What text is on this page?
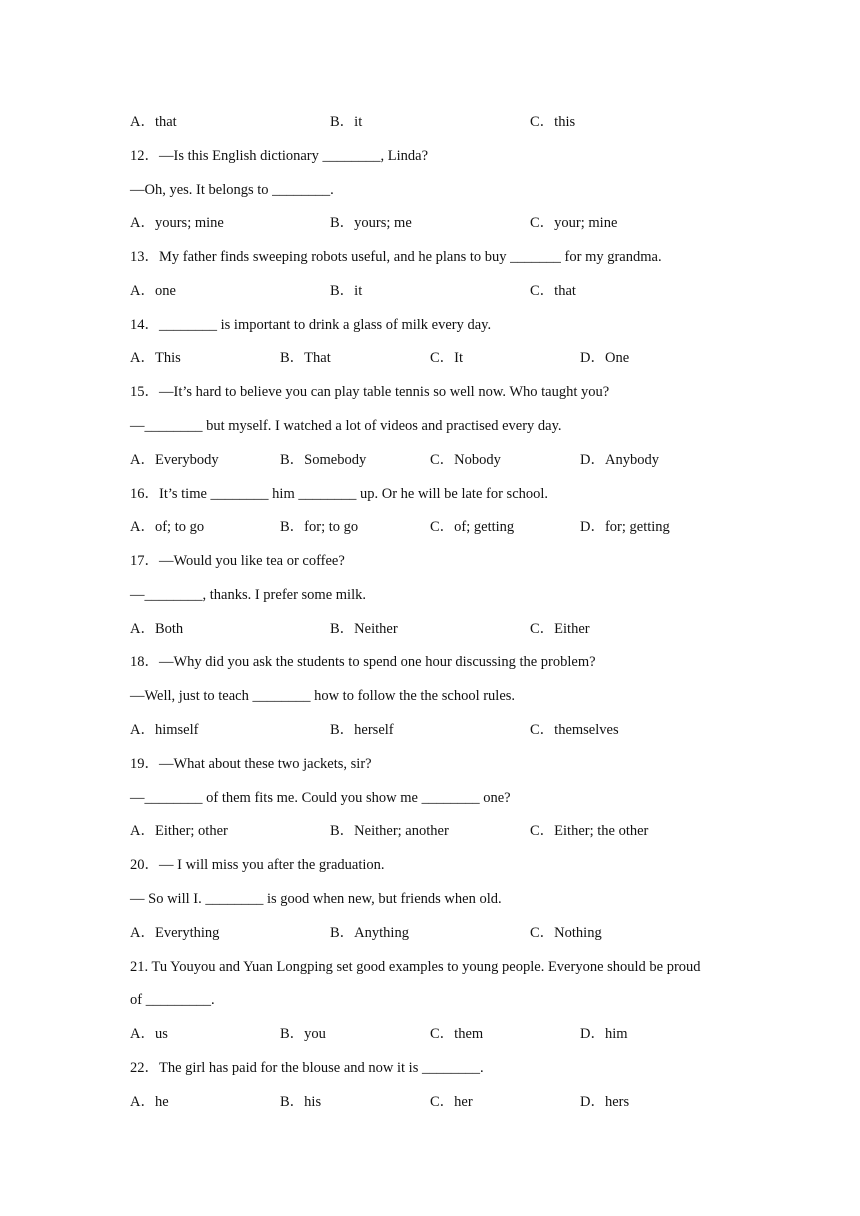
A．that	B．it	C．this
12．—Is this English dictionary ________, Linda?
—Oh, yes. It belongs to ________.
A．yours; mine	B．yours; me	C．your; mine
13．My father finds sweeping robots useful, and he plans to buy _______ for my grandma.
A．one	B．it	C．that
14．________ is important to drink a glass of milk every day.
A．This	B．That	C．It	D．One
15．—It’s hard to believe you can play table tennis so well now. Who taught you?
—________ but myself. I watched a lot of videos and practised every day.
A．Everybody	B．Somebody	C．Nobody	D．Anybody
16．It’s time ________ him ________ up. Or he will be late for school.
A．of; to go	B．for; to go	C．of; getting	D．for; getting
17．—Would you like tea or coffee?
—________, thanks. I prefer some milk.
A．Both	B．Neither	C．Either
18．—Why did you ask the students to spend one hour discussing the problem?
—Well, just to teach ________ how to follow the the school rules.
A．himself	B．herself	C．themselves
19．—What about these two jackets, sir?
—________ of them fits me. Could you show me ________ one?
A．Either; other	B．Neither; another	C．Either; the other
20．— I will miss you after the graduation.
— So will I. ________ is good when new, but friends when old.
A．Everything	B．Anything	C．Nothing
21. Tu Youyou and Yuan Longping set good examples to young people. Everyone should be proud
of _________.
A．us	B．you	C．them	D．him
22．The girl has paid for the blouse and now it is ________.
A．he	B．his	C．her	D．hers
